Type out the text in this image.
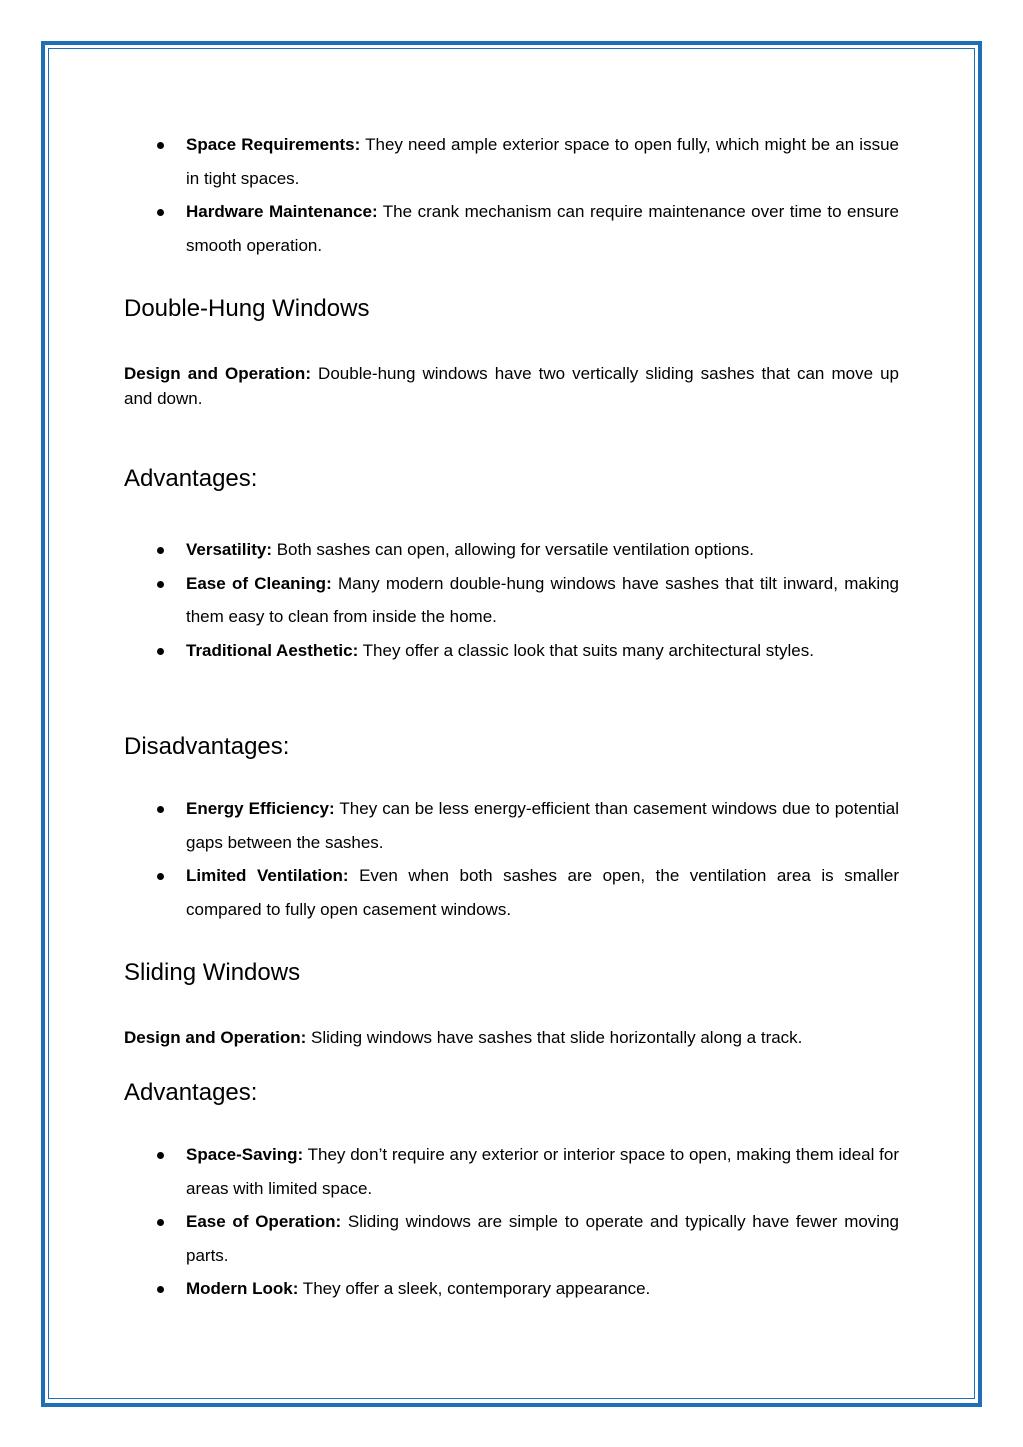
Space Requirements: They need ample exterior space to open fully, which might be an issue in tight spaces.
Hardware Maintenance: The crank mechanism can require maintenance over time to ensure smooth operation.
Double-Hung Windows

Design and Operation: Double-hung windows have two vertically sliding sashes that can move up and down.

Advantages:
Versatility: Both sashes can open, allowing for versatile ventilation options.
Ease of Cleaning: Many modern double-hung windows have sashes that tilt inward, making them easy to clean from inside the home.
Traditional Aesthetic: They offer a classic look that suits many architectural styles.
Disadvantages:
Energy Efficiency: They can be less energy-efficient than casement windows due to potential gaps between the sashes.
Limited Ventilation: Even when both sashes are open, the ventilation area is smaller compared to fully open casement windows.
Sliding Windows

Design and Operation: Sliding windows have sashes that slide horizontally along a track.

Advantages:
Space-Saving: They don’t require any exterior or interior space to open, making them ideal for areas with limited space.
Ease of Operation: Sliding windows are simple to operate and typically have fewer moving parts.
Modern Look: They offer a sleek, contemporary appearance.
